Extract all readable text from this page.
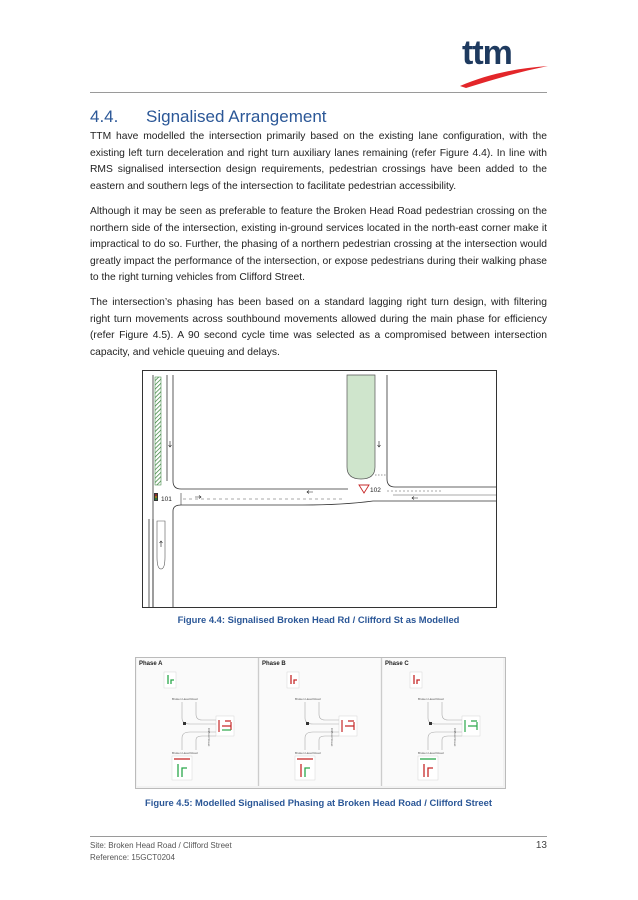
ttm
4.4. Signalised Arrangement

TTM have modelled the intersection primarily based on the existing lane configuration, with the existing left turn deceleration and right turn auxiliary lanes remaining (refer Figure 4.4). In line with RMS signalised intersection design requirements, pedestrian crossings have been added to the eastern and southern legs of the intersection to facilitate pedestrian accessibility.

Although it may be seen as preferable to feature the Broken Head Road pedestrian crossing on the northern side of the intersection, existing in-ground services located in the north-east corner make it impractical to do so. Further, the phasing of a northern pedestrian crossing at the intersection would greatly impact the performance of the intersection, or expose pedestrians during their walking phase to the right turning vehicles from Clifford Street.

The intersection’s phasing has been based on a standard lagging right turn design, with filtering right turn movements across southbound movements allowed during the main phase for efficiency (refer Figure 4.5). A 90 second cycle time was selected as a compromised between intersection capacity, and vehicle queuing and delays.

101
102
Figure 4.4: Signalised Broken Head Rd / Clifford St as Modelled
Phase A
Broken Head Road
Clifford Street
Broken Head Road
Phase B
Broken Head Road
Clifford Street
Broken Head Road
Phase C
Broken Head Road
Clifford Street
Broken Head Road
Figure 4.5: Modelled Signalised Phasing at Broken Head Road / Clifford Street
Site: Broken Head Road / Clifford Street
Reference: 15GCT0204
13
